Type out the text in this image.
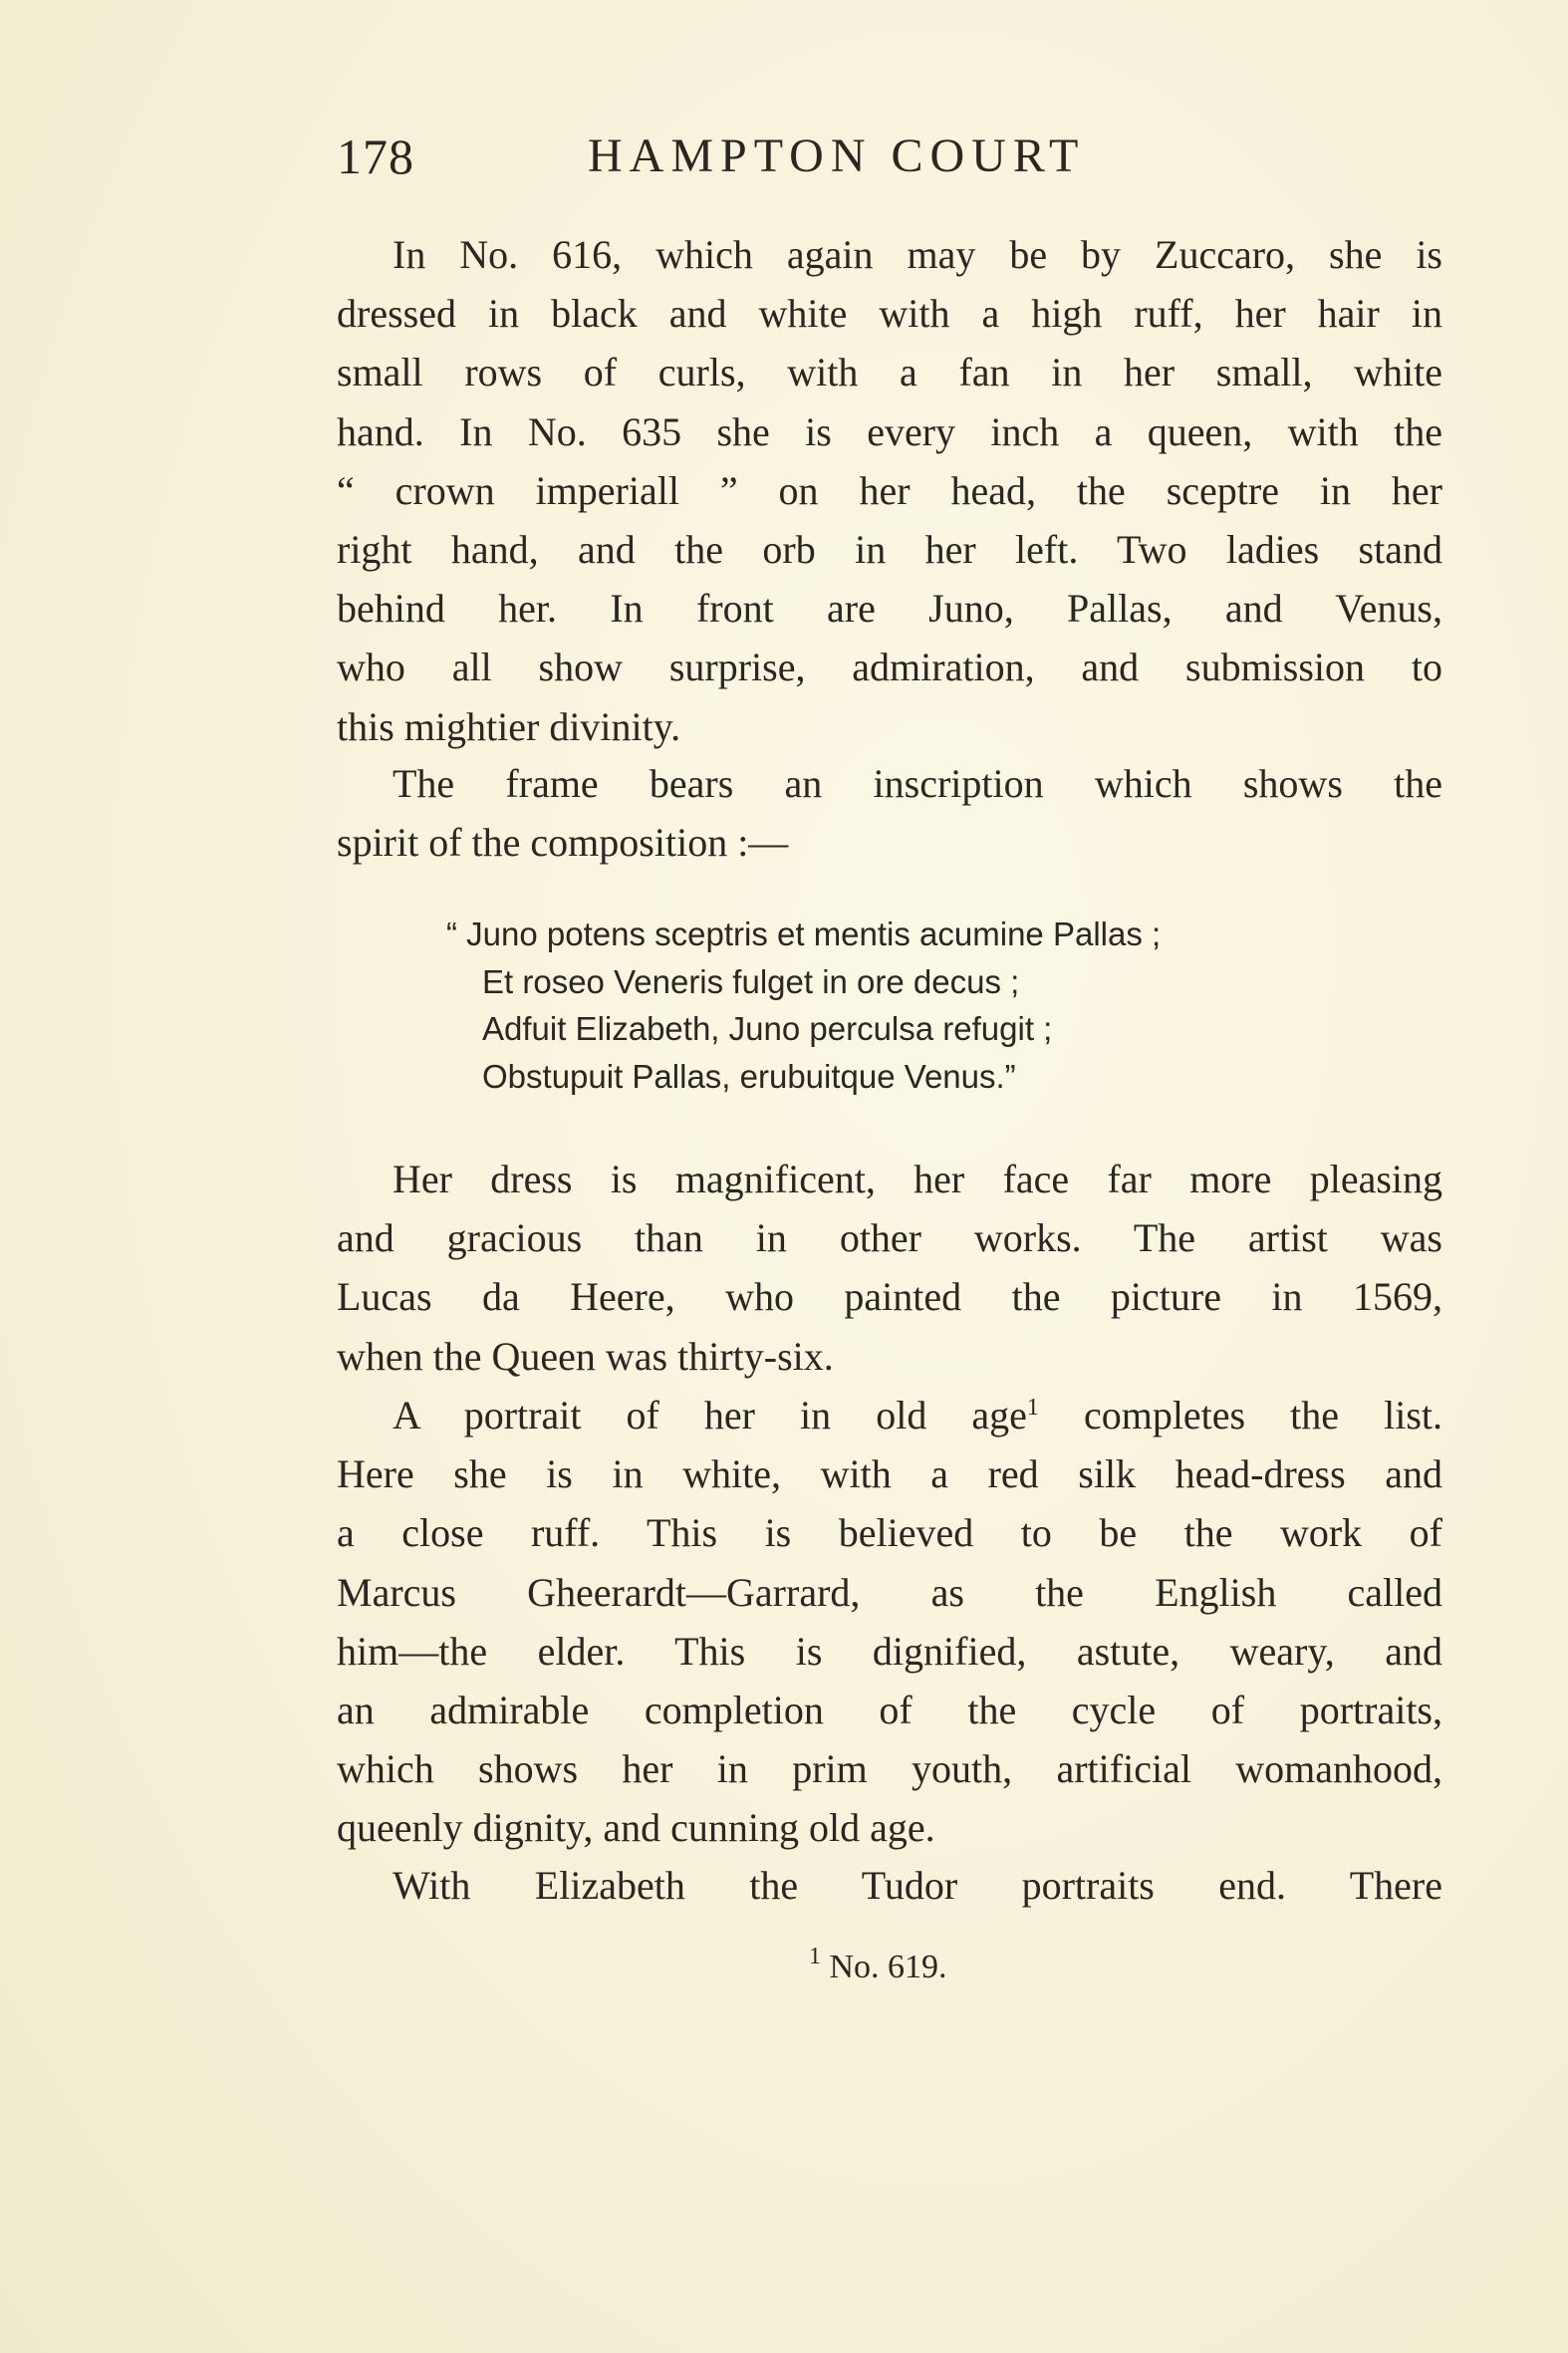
178	HAMPTON COURT
In No. 616, which again may be by Zuccaro, she is
dressed in black and white with a high ruff, her hair in
small rows of curls, with a fan in her small, white
hand. In No. 635 she is every inch a queen, with the
“ crown imperiall ” on her head, the sceptre in her
right hand, and the orb in her left. Two ladies stand
behind her. In front are Juno, Pallas, and Venus,
who all show surprise, admiration, and submission to
this mightier divinity.
The frame bears an inscription which shows the
spirit of the composition :—
“ Juno potens sceptris et mentis acumine Pallas ;
Et roseo Veneris fulget in ore decus ;
Adfuit Elizabeth, Juno perculsa refugit ;
Obstupuit Pallas, erubuitque Venus.”
Her dress is magnificent, her face far more pleasing
and gracious than in other works. The artist was
Lucas da Heere, who painted the picture in 1569,
when the Queen was thirty-six.
A portrait of her in old age$^1$ completes the list.
Here she is in white, with a red silk head-dress and
a close ruff. This is believed to be the work of
Marcus Gheerardt—Garrard, as the English called
him—the elder. This is dignified, astute, weary, and
an admirable completion of the cycle of portraits,
which shows her in prim youth, artificial womanhood,
queenly dignity, and cunning old age.
With Elizabeth the Tudor portraits end. There
$^1$ No. 619.
